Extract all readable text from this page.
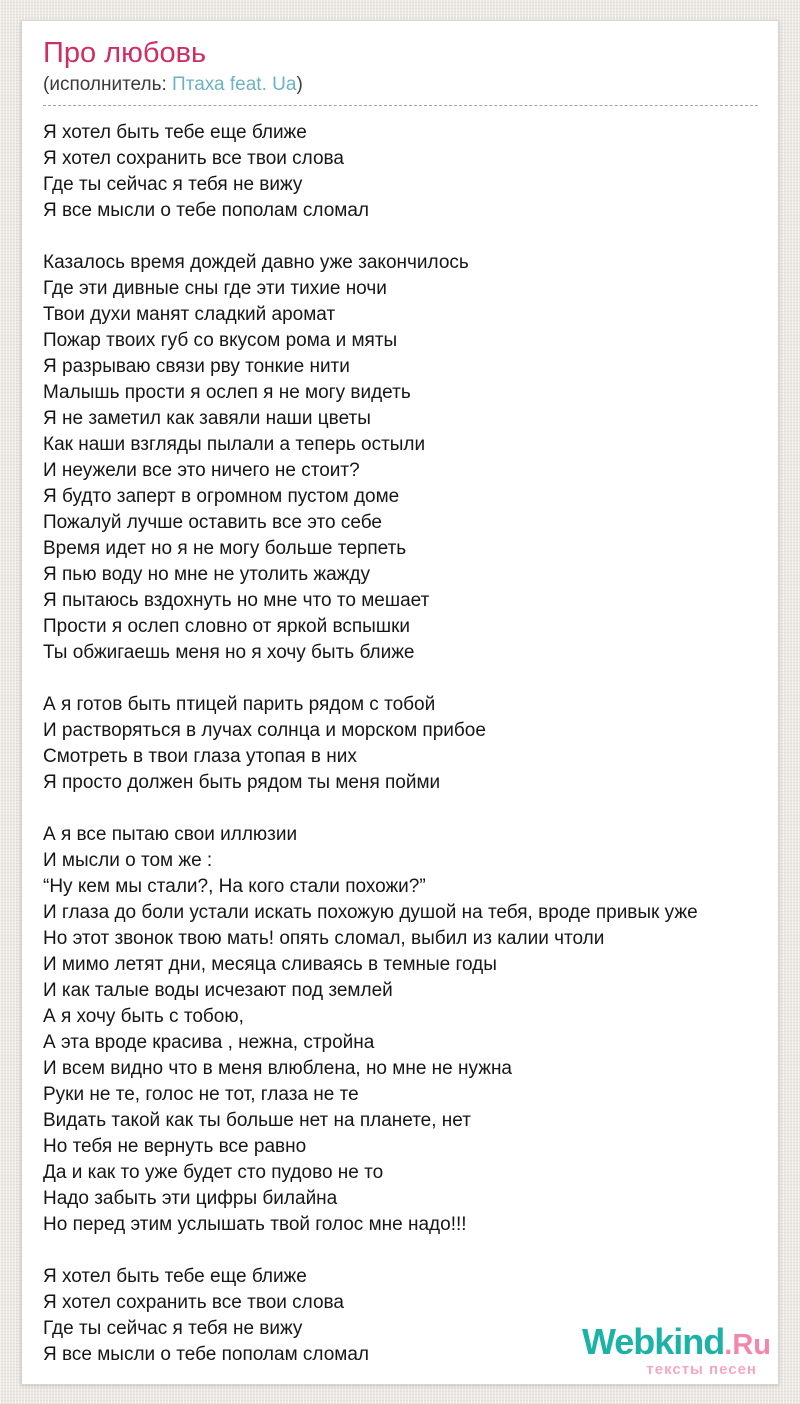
Про любовь
(исполнитель: Птаха feat. Ua)
Я хотел быть тебе еще ближе
Я хотел сохранить все твои слова
Где ты сейчас я тебя не вижу
Я все мысли о тебе пополам сломал
Казалось время дождей давно уже закончилось
Где эти дивные сны где эти тихие ночи
Твои духи манят сладкий аромат
Пожар твоих губ со вкусом рома и мяты
Я разрываю связи рву тонкие нити
Малышь прости я ослеп я не могу видеть
Я не заметил как завяли наши цветы
Как наши взгляды пылали а теперь остыли
И неужели все это ничего не стоит?
Я будто заперт в огромном пустом доме
Пожалуй лучше оставить все это себе
Время идет но я не могу больше терпеть
Я пью воду но мне не утолить жажду
Я пытаюсь вздохнуть но мне что то мешает
Прости я ослеп словно от яркой вспышки
Ты обжигаешь меня но я хочу быть ближе
А я готов быть птицей парить рядом с тобой
И растворяться в лучах солнца и морском прибое
Смотреть в твои глаза утопая в них
Я просто должен быть рядом ты меня пойми
А я все пытаю свои иллюзии
И мысли о том же :
“Ну кем мы стали?, На кого стали похожи?”
И глаза до боли устали искать похожую душой на тебя, вроде привык уже
Но этот звонок твою мать! опять сломал, выбил из калии чтоли
И мимо летят дни, месяца сливаясь в темные годы
И как талые воды исчезают под землей
А я хочу быть с тобою,
А эта вроде красива , нежна, стройна
И всем видно что в меня влюблена, но мне не нужна
Руки не те, голос не тот, глаза не те
Видать такой как ты больше нет на планете, нет
Но тебя не вернуть все равно
Да и как то уже будет сто пудово не то
Надо забыть эти цифры билайна
Но перед этим услышать твой голос мне надо!!!
Я хотел быть тебе еще ближе
Я хотел сохранить все твои слова
Где ты сейчас я тебя не вижу
Я все мысли о тебе пополам сломал	Webkind.Ru
тексты песен
